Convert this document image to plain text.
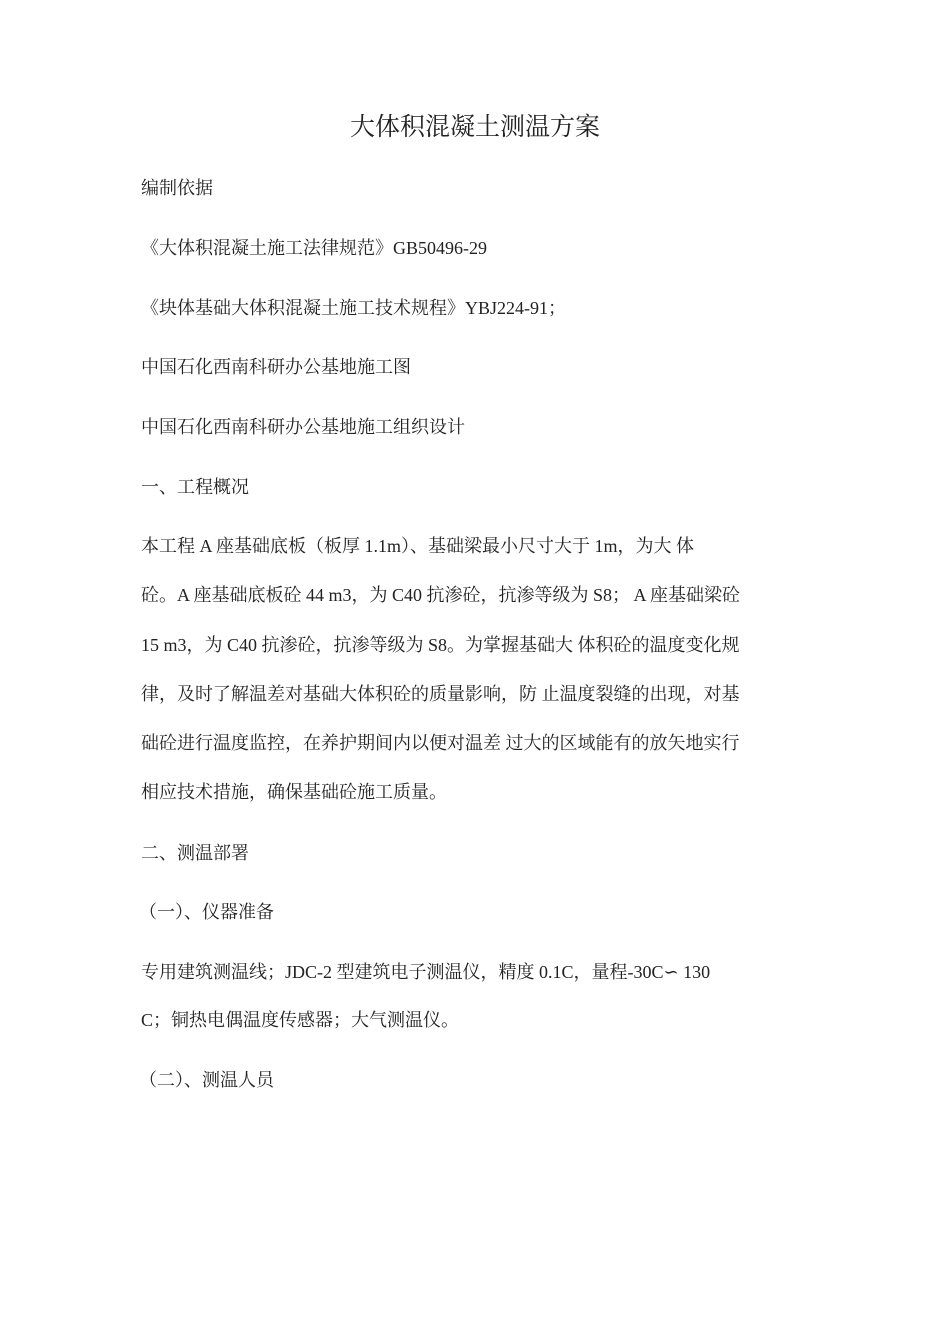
大体积混凝土测温方案
编制依据
《大体积混凝土施工法律规范》GB50496-29
《块体基础大体积混凝土施工技术规程》YBJ224-91；
中国石化西南科研办公基地施工图
中国石化西南科研办公基地施工组织设计
一、工程概况
本工程 A 座基础底板（板厚 1.1m）、基础梁最小尺寸大于 1m，为大 体
砼。A 座基础底板砼 44 m3，为 C40 抗渗砼，抗渗等级为 S8； A 座基础梁砼
15 m3，为 C40 抗渗砼，抗渗等级为 S8。为掌握基础大 体积砼的温度变化规
律，及时了解温差对基础大体积砼的质量影响，防 止温度裂缝的出现，对基
础砼进行温度监控，在养护期间内以便对温差 过大的区域能有的放矢地实行
相应技术措施，确保基础砼施工质量。
二、测温部署
（一）、仪器准备
专用建筑测温线；JDC-2 型建筑电子测温仪，精度 0.1C，量程-30C∽ 130
C；铜热电偶温度传感器；大气测温仪。
（二）、测温人员
